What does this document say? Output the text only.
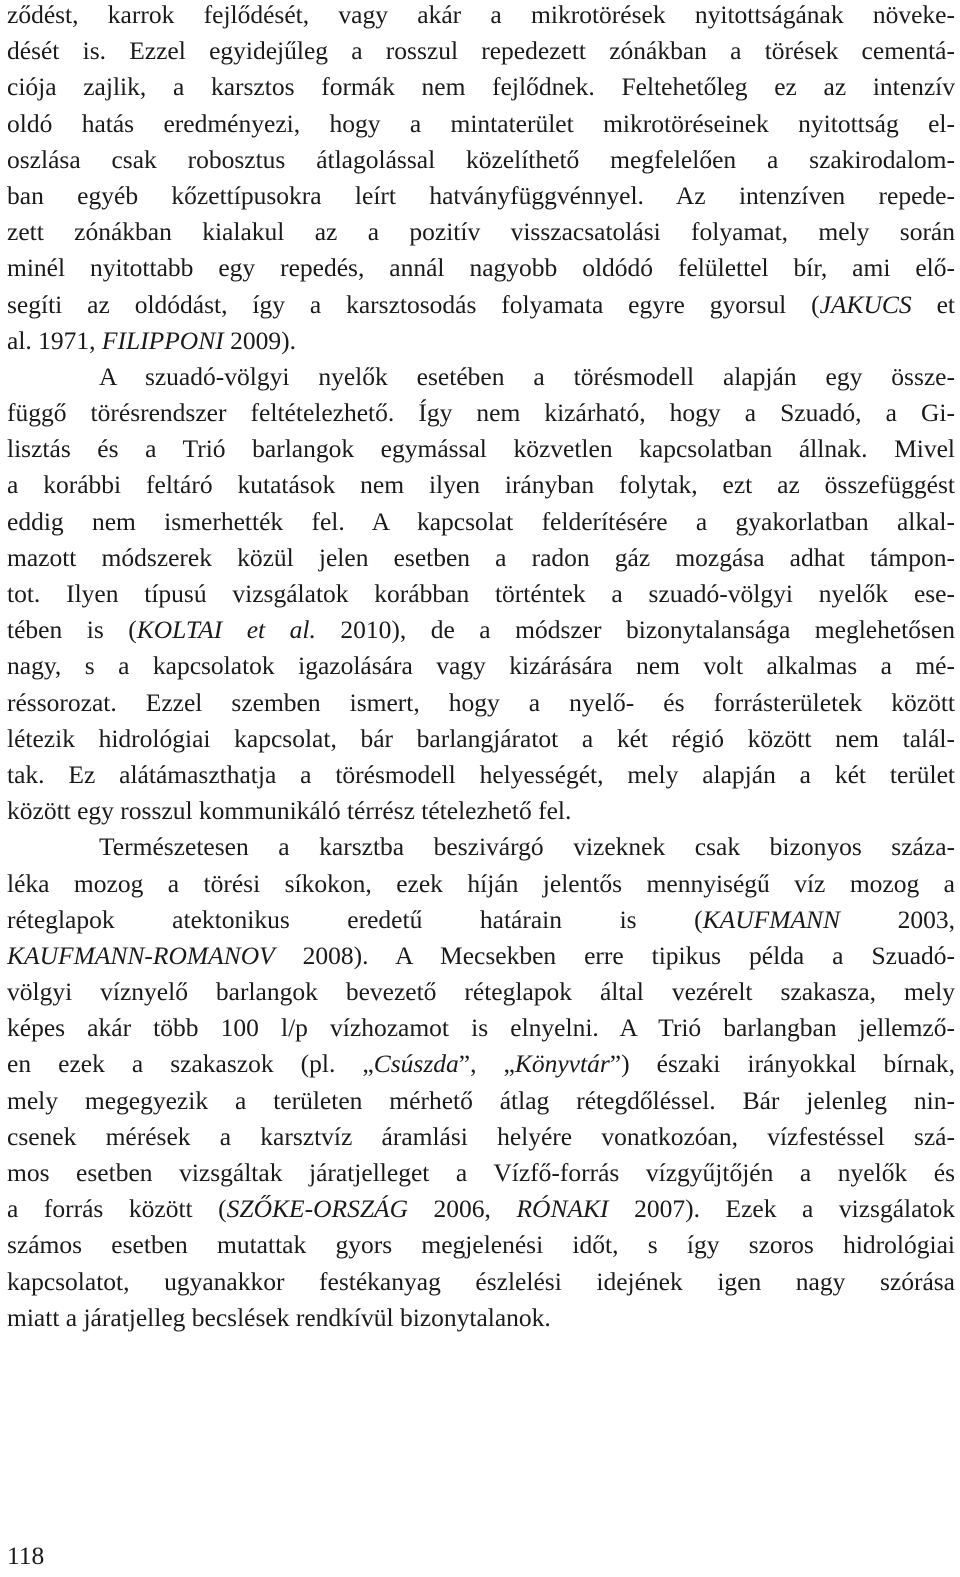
ződést, karrok fejlődését, vagy akár a mikrotörések nyitottságának növeke-
dését is. Ezzel egyidejűleg a rosszul repedezett zónákban a törések cementá-
ciója zajlik, a karsztos formák nem fejlődnek. Feltehetőleg ez az intenzív
oldó hatás eredményezi, hogy a mintaterület mikrotöréseinek nyitottság el-
oszlása csak robosztus átlagolással közelíthető megfelelően a szakirodalom-
ban egyéb kőzettípusokra leírt hatványfüggvénnyel. Az intenzíven repede-
zett zónákban kialakul az a pozitív visszacsatolási folyamat, mely során
minél nyitottabb egy repedés, annál nagyobb oldódó felülettel bír, ami elő-
segíti az oldódást, így a karsztosodás folyamata egyre gyorsul (JAKUCS et
al. 1971, FILIPPONI 2009).
A szuadó-völgyi nyelők esetében a törésmodell alapján egy össze-
függő törésrendszer feltételezhető. Így nem kizárható, hogy a Szuadó, a Gi-
lisztás és a Trió barlangok egymással közvetlen kapcsolatban állnak. Mivel
a korábbi feltáró kutatások nem ilyen irányban folytak, ezt az összefüggést
eddig nem ismerhették fel. A kapcsolat felderítésére a gyakorlatban alkal-
mazott módszerek közül jelen esetben a radon gáz mozgása adhat támpon-
tot. Ilyen típusú vizsgálatok korábban történtek a szuadó-völgyi nyelők ese-
tében is (KOLTAI et al. 2010), de a módszer bizonytalansága meglehetősen
nagy, s a kapcsolatok igazolására vagy kizárására nem volt alkalmas a mé-
réssorozat. Ezzel szemben ismert, hogy a nyelő- és forrásterületek között
létezik hidrológiai kapcsolat, bár barlangjáratot a két régió között nem talál-
tak. Ez alátámaszthatja a törésmodell helyességét, mely alapján a két terület
között egy rosszul kommunikáló térrész tételezhető fel.
Természetesen a karsztba beszivárgó vizeknek csak bizonyos száza-
léka mozog a törési síkokon, ezek híján jelentős mennyiségű víz mozog a
réteglapok atektonikus eredetű határain is (KAUFMANN 2003,
KAUFMANN-ROMANOV 2008). A Mecsekben erre tipikus példa a Szuadó-
völgyi víznyelő barlangok bevezető réteglapok által vezérelt szakasza, mely
képes akár több 100 l/p vízhozamot is elnyelni. A Trió barlangban jellemző-
en ezek a szakaszok (pl. „Csúszda”, „Könyvtár”) északi irányokkal bírnak,
mely megegyezik a területen mérhető átlag rétegdőléssel. Bár jelenleg nin-
csenek mérések a karsztvíz áramlási helyére vonatkozóan, vízfestéssel szá-
mos esetben vizsgáltak járatjelleget a Vízfő-forrás vízgyűjtőjén a nyelők és
a forrás között (SZŐKE-ORSZÁG 2006, RÓNAKI 2007). Ezek a vizsgálatok
számos esetben mutattak gyors megjelenési időt, s így szoros hidrológiai
kapcsolatot, ugyanakkor festékanyag észlelési idejének igen nagy szórása
miatt a járatjelleg becslések rendkívül bizonytalanok.
118
